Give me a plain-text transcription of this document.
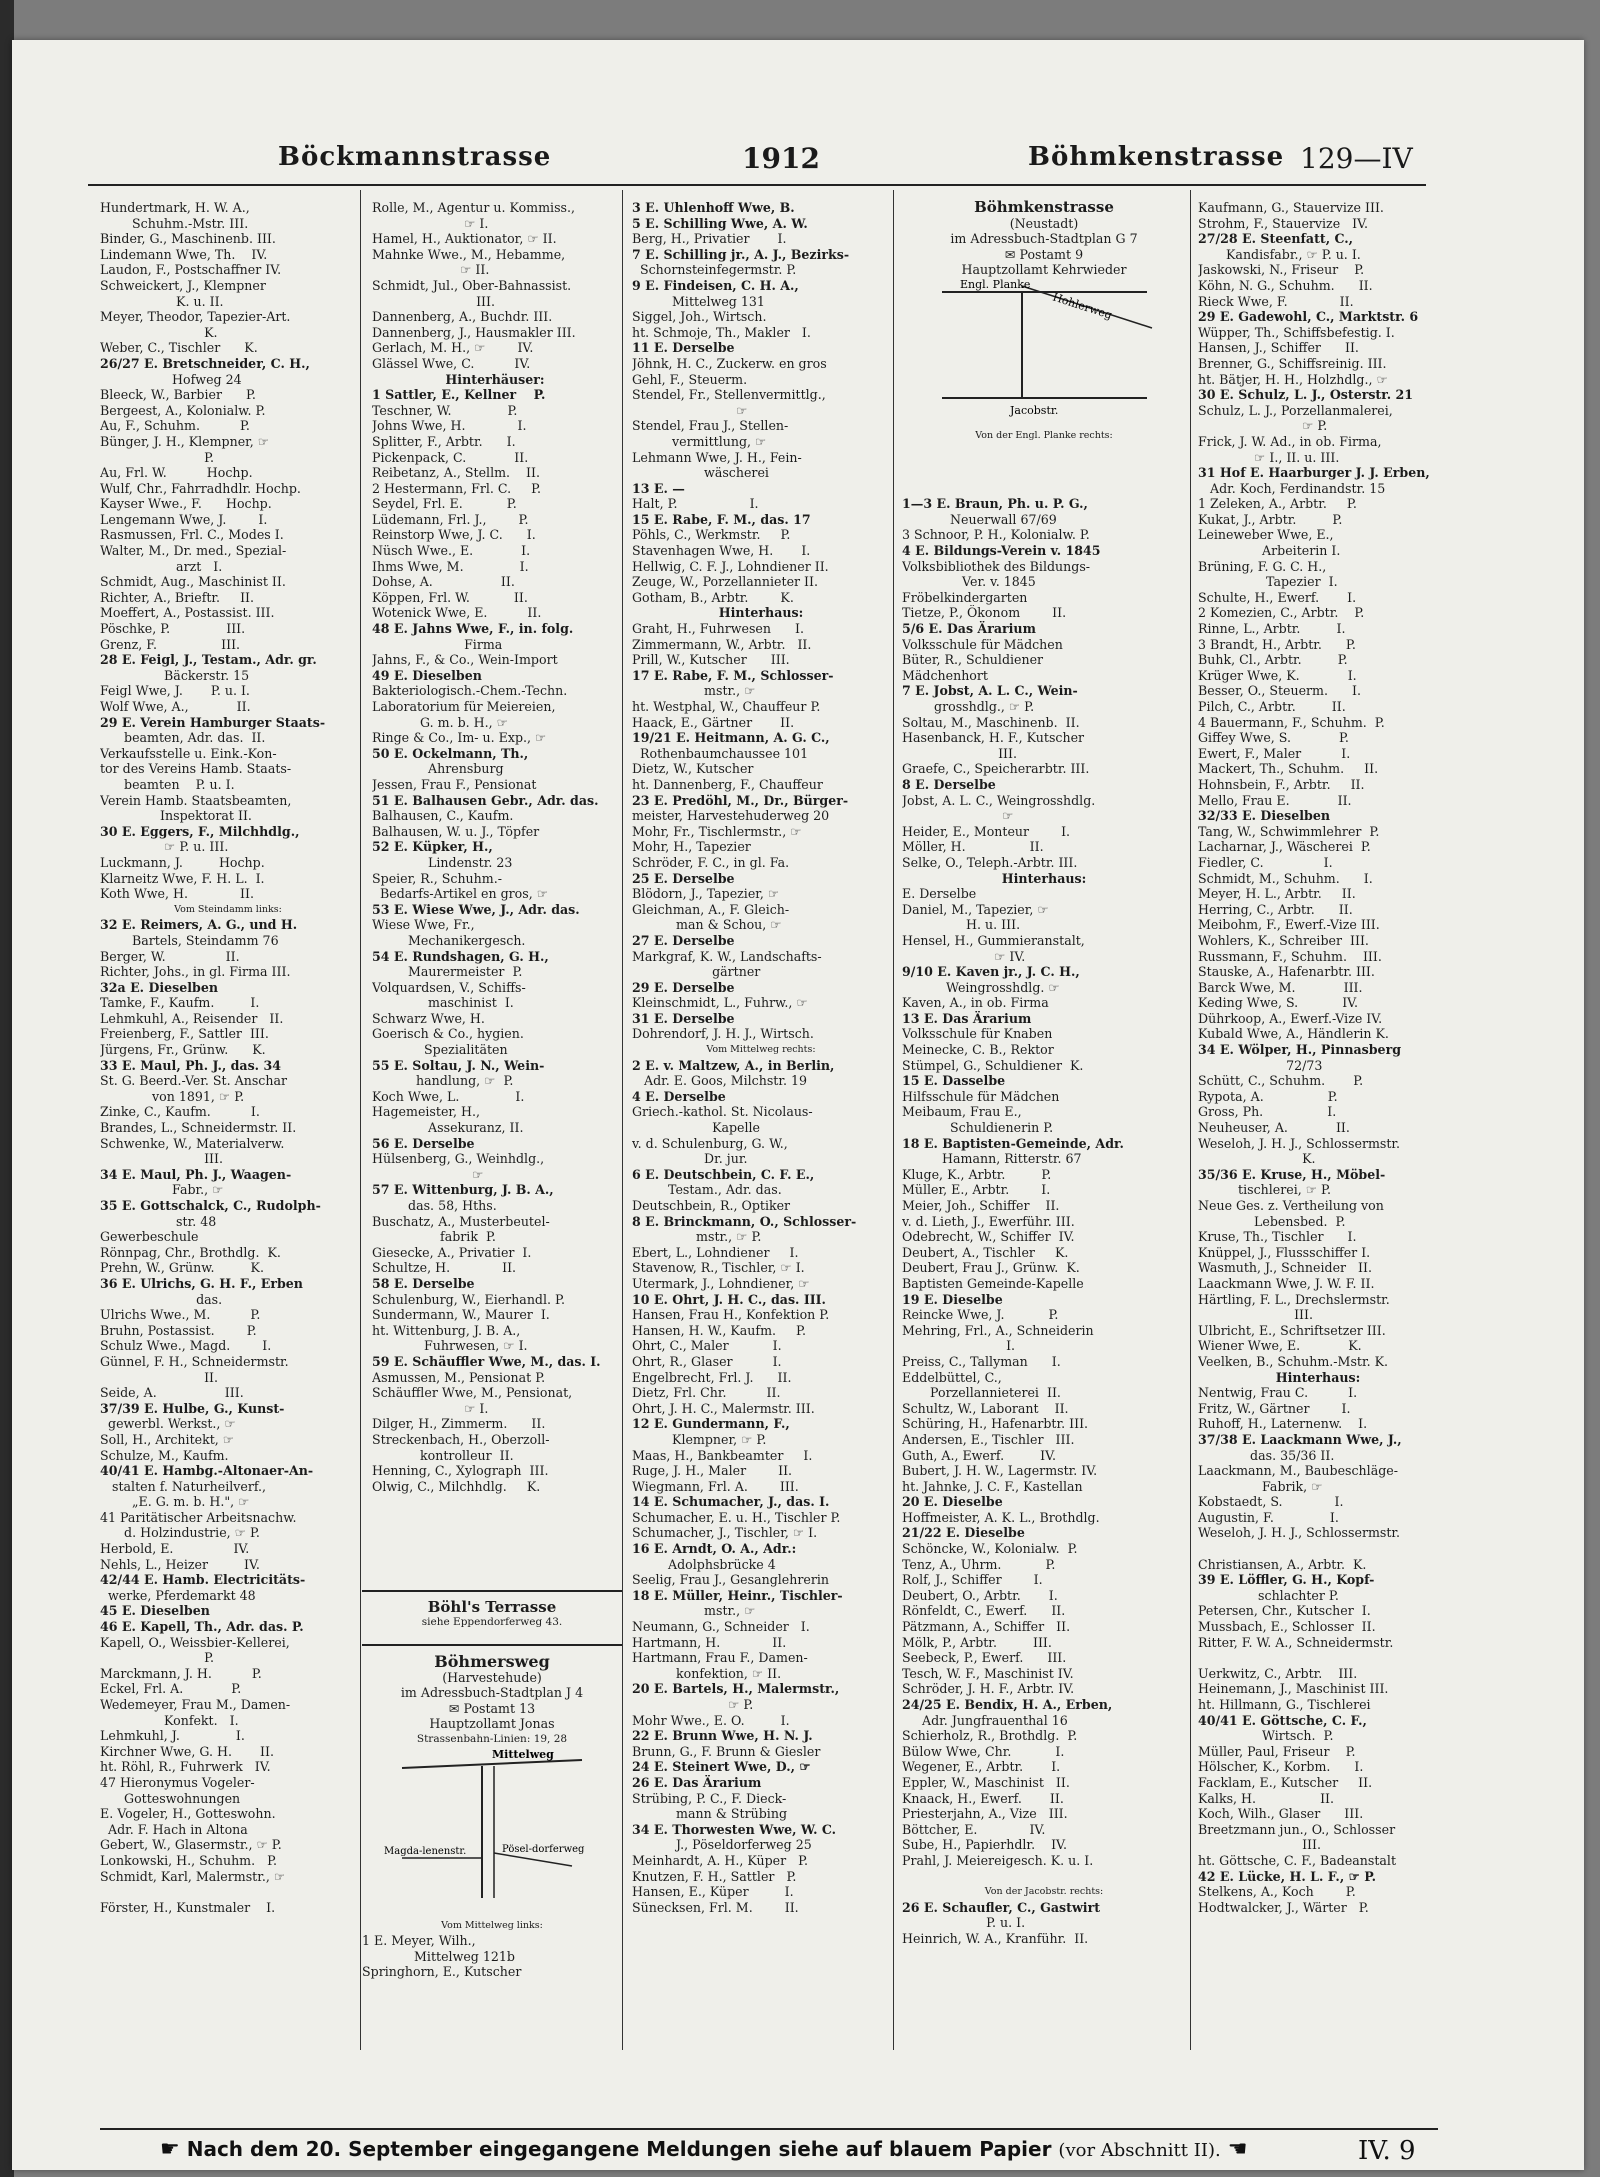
Böckmannstrasse	1912	Böhmkenstrasse 129—IV
Hundertmark, H. W. A.,
Schuhm.-Mstr. III.
Binder, G., Maschinenb. III.
Lindemann Wwe, Th.    IV.
Laudon, F., Postschaffner IV.
Schweickert, J., Klempner
K. u. II.
Meyer, Theodor, Tapezier-Art.
K.
Weber, C., Tischler      K.
26/27 E. Bretschneider, C. H.,
Hofweg 24
Bleeck, W., Barbier      P.
Bergeest, A., Kolonialw. P.
Au, F., Schuhm.          P.
Bünger, J. H., Klempner, ☞
P.
Au, Frl. W.          Hochp.
Wulf, Chr., Fahrradhdlr. Hochp.
Kayser Wwe., F.      Hochp.
Lengemann Wwe, J.        I.
Rasmussen, Frl. C., Modes I.
Walter, M., Dr. med., Spezial-
arzt   I.
Schmidt, Aug., Maschinist II.
Richter, A., Brieftr.     II.
Moeffert, A., Postassist. III.
Pöschke, P.              III.
Grenz, F.                III.
28 E. Feigl, J., Testam., Adr. gr.
Bäckerstr. 15
Feigl Wwe, J.       P. u. I.
Wolf Wwe, A.,            II.
29 E. Verein Hamburger Staats-
beamten, Adr. das.  II.
Verkaufsstelle u. Eink.-Kon-
tor des Vereins Hamb. Staats-
beamten    P. u. I.
Verein Hamb. Staatsbeamten,
Inspektorat II.
30 E. Eggers, F., Milchhdlg.,
☞ P. u. III.
Luckmann, J.         Hochp.
Klarneitz Wwe, F. H. L.  I.
Koth Wwe, H.             II.
Vom Steindamm links:
32 E. Reimers, A. G., und H.
Bartels, Steindamm 76
Berger, W.               II.
Richter, Johs., in gl. Firma III.
32a E. Dieselben
Tamke, F., Kaufm.         I.
Lehmkuhl, A., Reisender   II.
Freienberg, F., Sattler  III.
Jürgens, Fr., Grünw.      K.
33 E. Maul, Ph. J., das. 34
St. G. Beerd.-Ver. St. Anschar
von 1891, ☞ P.
Zinke, C., Kaufm.          I.
Brandes, L., Schneidermstr. II.
Schwenke, W., Materialverw.
III.
34 E. Maul, Ph. J., Waagen-
Fabr., ☞
35 E. Gottschalck, C., Rudolph-
str. 48
Gewerbeschule
Rönnpag, Chr., Brothdlg.  K.
Prehn, W., Grünw.         K.
36 E. Ulrichs, G. H. F., Erben
das.
Ulrichs Wwe., M.          P.
Bruhn, Postassist.        P.
Schulz Wwe., Magd.        I.
Günnel, F. H., Schneidermstr.
II.
Seide, A.                 III.
37/39 E. Hulbe, G., Kunst-
gewerbl. Werkst., ☞
Soll, H., Architekt, ☞
Schulze, M., Kaufm.
40/41 E. Hambg.-Altonaer-An-
stalten f. Naturheilverf.,
„E. G. m. b. H.", ☞
41 Paritätischer Arbeitsnachw.
d. Holzindustrie, ☞ P.
Herbold, E.               IV.
Nehls, L., Heizer         IV.
42/44 E. Hamb. Electricitäts-
werke, Pferdemarkt 48
45 E. Dieselben
46 E. Kapell, Th., Adr. das. P.
Kapell, O., Weissbier-Kellerei,
P.
Marckmann, J. H.          P.
Eckel, Frl. A.            P.
Wedemeyer, Frau M., Damen-
Konfekt.   I.
Lehmkuhl, J.              I.
Kirchner Wwe, G. H.       II.
ht. Röhl, R., Fuhrwerk   IV.
47 Hieronymus Vogeler-
Gotteswohnungen
E. Vogeler, H., Gotteswohn.
Adr. F. Hach in Altona
Gebert, W., Glasermstr., ☞ P.
Lonkowski, H., Schuhm.   P.
Schmidt, Karl, Malermstr., ☞

Förster, H., Kunstmaler    I.
Rolle, M., Agentur u. Kommiss.,
☞ I.
Hamel, H., Auktionator, ☞ II.
Mahnke Wwe., M., Hebamme,
☞ II.
Schmidt, Jul., Ober-Bahnassist.
III.
Dannenberg, A., Buchdr. III.
Dannenberg, J., Hausmakler III.
Gerlach, M. H., ☞        IV.
Glässel Wwe, C.          IV.
Hinterhäuser:
1 Sattler, E., Kellner    P.
Teschner, W.              P.
Johns Wwe, H.             I.
Splitter, F., Arbtr.      I.
Pickenpack, C.            II.
Reibetanz, A., Stellm.    II.
2 Hestermann, Frl. C.     P.
Seydel, Frl. E.           P.
Lüdemann, Frl. J.,        P.
Reinstorp Wwe, J. C.      I.
Nüsch Wwe., E.            I.
Ihms Wwe, M.              I.
Dohse, A.                 II.
Köppen, Frl. W.           II.
Wotenick Wwe, E.          II.
48 E. Jahns Wwe, F., in. folg.
Firma
Jahns, F., & Co., Wein-Import
49 E. Dieselben
Bakteriologisch.-Chem.-Techn.
Laboratorium für Meiereien,
G. m. b. H., ☞
Ringe & Co., Im- u. Exp., ☞
50 E. Ockelmann, Th.,
Ahrensburg
Jessen, Frau F., Pensionat
51 E. Balhausen Gebr., Adr. das.
Balhausen, C., Kaufm.
Balhausen, W. u. J., Töpfer
52 E. Küpker, H.,
Lindenstr. 23
Speier, R., Schuhm.-
Bedarfs-Artikel en gros, ☞
53 E. Wiese Wwe, J., Adr. das.
Wiese Wwe, Fr.,
Mechanikergesch.
54 E. Rundshagen, G. H.,
Maurermeister  P.
Volquardsen, V., Schiffs-
maschinist  I.
Schwarz Wwe, H.
Goerisch & Co., hygien.
Spezialitäten
55 E. Soltau, J. N., Wein-
handlung, ☞  P.
Koch Wwe, L.              I.
Hagemeister, H.,
Assekuranz, II.
56 E. Derselbe
Hülsenberg, G., Weinhdlg.,
☞
57 E. Wittenburg, J. B. A.,
das. 58, Hths.
Buschatz, A., Musterbeutel-
fabrik  P.
Giesecke, A., Privatier  I.
Schultze, H.             II.
58 E. Derselbe
Schulenburg, W., Eierhandl. P.
Sundermann, W., Maurer  I.
ht. Wittenburg, J. B. A.,
Fuhrwesen, ☞ I.
59 E. Schäuffler Wwe, M., das. I.
Asmussen, M., Pensionat P.
Schäuffler Wwe, M., Pensionat,
☞ I.
Dilger, H., Zimmerm.      II.
Streckenbach, H., Oberzoll-
kontrolleur  II.
Henning, C., Xylograph  III.
Olwig, C., Milchhdlg.     K.
3 E. Uhlenhoff Wwe, B.
5 E. Schilling Wwe, A. W.
Berg, H., Privatier       I.
7 E. Schilling jr., A. J., Bezirks-
Schornsteinfegermstr. P.
9 E. Findeisen, C. H. A.,
Mittelweg 131
Siggel, Joh., Wirtsch.
ht. Schmoje, Th., Makler   I.
11 E. Derselbe
Jöhnk, H. C., Zuckerw. en gros
Gehl, F., Steuerm.
Stendel, Fr., Stellenvermittlg.,
☞
Stendel, Frau J., Stellen-
vermittlung, ☞
Lehmann Wwe, J. H., Fein-
wäscherei
13 E. —
Halt, P.                  I.
15 E. Rabe, F. M., das. 17
Pöhls, C., Werkmstr.     P.
Stavenhagen Wwe, H.       I.
Hellwig, C. F. J., Lohndiener II.
Zeuge, W., Porzellannieter II.
Gotham, B., Arbtr.        K.
Hinterhaus:
Graht, H., Fuhrwesen      I.
Zimmermann, W., Arbtr.   II.
Prill, W., Kutscher      III.
17 E. Rabe, F. M., Schlosser-
mstr., ☞
ht. Westphal, W., Chauffeur P.
Haack, E., Gärtner       II.
19/21 E. Heitmann, A. G. C.,
Rothenbaumchaussee 101
Dietz, W., Kutscher
ht. Dannenberg, F., Chauffeur
23 E. Predöhl, M., Dr., Bürger-
meister, Harvestehuderweg 20
Mohr, Fr., Tischlermstr., ☞
Mohr, H., Tapezier
Schröder, F. C., in gl. Fa.
25 E. Derselbe
Blödorn, J., Tapezier, ☞
Gleichman, A., F. Gleich-
man & Schou, ☞
27 E. Derselbe
Markgraf, K. W., Landschafts-
gärtner
29 E. Derselbe
Kleinschmidt, L., Fuhrw., ☞
31 E. Derselbe
Dohrendorf, J. H. J., Wirtsch.
Vom Mittelweg rechts:
2 E. v. Maltzew, A., in Berlin,
Adr. E. Goos, Milchstr. 19
4 E. Derselbe
Griech.-kathol. St. Nicolaus-
Kapelle
v. d. Schulenburg, G. W.,
Dr. jur.
6 E. Deutschbein, C. F. E.,
Testam., Adr. das.
Deutschbein, R., Optiker
8 E. Brinckmann, O., Schlosser-
mstr., ☞ P.
Ebert, L., Lohndiener     I.
Stavenow, R., Tischler, ☞ I.
Utermark, J., Lohndiener, ☞
10 E. Ohrt, J. H. C., das. III.
Hansen, Frau H., Konfektion P.
Hansen, H. W., Kaufm.     P.
Ohrt, C., Maler           I.
Ohrt, R., Glaser          I.
Engelbrecht, Frl. J.      II.
Dietz, Frl. Chr.          II.
Ohrt, J. H. C., Malermstr. III.
12 E. Gundermann, F.,
Klempner, ☞ P.
Maas, H., Bankbeamter     I.
Ruge, J. H., Maler        II.
Wiegmann, Frl. A.        III.
14 E. Schumacher, J., das. I.
Schumacher, E. u. H., Tischler P.
Schumacher, J., Tischler, ☞ I.
16 E. Arndt, O. A., Adr.:
Adolphsbrücke 4
Seelig, Frau J., Gesanglehrerin
18 E. Müller, Heinr., Tischler-
mstr., ☞
Neumann, G., Schneider   I.
Hartmann, H.             II.
Hartmann, Frau F., Damen-
konfektion, ☞ II.
20 E. Bartels, H., Malermstr.,
☞ P.
Mohr Wwe., E. O.         I.
22 E. Brunn Wwe, H. N. J.
Brunn, G., F. Brunn & Giesler
24 E. Steinert Wwe, D., ☞
26 E. Das Ärarium
Strübing, P. C., F. Dieck-
mann & Strübing
34 E. Thorwesten Wwe, W. C.
J., Pöseldorferweg 25
Meinhardt, A. H., Küper   P.
Knutzen, F. H., Sattler   P.
Hansen, E., Küper         I.
Sünecksen, Frl. M.        II.

1—3 E. Braun, Ph. u. P. G.,
Neuerwall 67/69
3 Schnoor, P. H., Kolonialw. P.
4 E. Bildungs-Verein v. 1845
Volksbibliothek des Bildungs-
Ver. v. 1845
Fröbelkindergarten
Tietze, P., Ökonom        II.
5/6 E. Das Ärarium
Volksschule für Mädchen
Büter, R., Schuldiener
Mädchenhort
7 E. Jobst, A. L. C., Wein-
grosshdlg., ☞ P.
Soltau, M., Maschinenb.  II.
Hasenbanck, H. F., Kutscher
III.
Graefe, C., Speicherarbtr. III.
8 E. Derselbe
Jobst, A. L. C., Weingrosshdlg.
☞
Heider, E., Monteur        I.
Möller, H.                II.
Selke, O., Teleph.-Arbtr. III.
Hinterhaus:
E. Derselbe
Daniel, M., Tapezier, ☞
H. u. III.
Hensel, H., Gummieranstalt,
☞ IV.
9/10 E. Kaven jr., J. C. H.,
Weingrosshdlg. ☞
Kaven, A., in ob. Firma
13 E. Das Ärarium
Volksschule für Knaben
Meinecke, C. B., Rektor
Stümpel, G., Schuldiener  K.
15 E. Dasselbe
Hilfsschule für Mädchen
Meibaum, Frau E.,
Schuldienerin P.
18 E. Baptisten-Gemeinde, Adr.
Hamann, Ritterstr. 67
Kluge, K., Arbtr.         P.
Müller, E., Arbtr.        I.
Meier, Joh., Schiffer    II.
v. d. Lieth, J., Ewerführ. III.
Odebrecht, W., Schiffer  IV.
Deubert, A., Tischler     K.
Deubert, Frau J., Grünw.  K.
Baptisten Gemeinde-Kapelle
19 E. Dieselbe
Reincke Wwe, J.           P.
Mehring, Frl., A., Schneiderin
I.
Preiss, C., Tallyman      I.
Eddelbüttel, C.,
Porzellannieterei  II.
Schultz, W., Laborant    II.
Schüring, H., Hafenarbtr. III.
Andersen, E., Tischler   III.
Guth, A., Ewerf.         IV.
Bubert, J. H. W., Lagermstr. IV.
ht. Jahnke, J. C. F., Kastellan
20 E. Dieselbe
Hoffmeister, A. K. L., Brothdlg.
21/22 E. Dieselbe
Schöncke, W., Kolonialw.  P.
Tenz, A., Uhrm.           P.
Rolf, J., Schiffer        I.
Deubert, O., Arbtr.       I.
Rönfeldt, C., Ewerf.      II.
Pätzmann, A., Schiffer   II.
Mölk, P., Arbtr.         III.
Seebeck, P., Ewerf.      III.
Tesch, W. F., Maschinist IV.
Schröder, J. H. F., Arbtr. IV.
24/25 E. Bendix, H. A., Erben,
Adr. Jungfrauenthal 16
Schierholz, R., Brothdlg.  P.
Bülow Wwe, Chr.           I.
Wegener, E., Arbtr.       I.
Eppler, W., Maschinist   II.
Knaack, H., Ewerf.       II.
Priesterjahn, A., Vize   III.
Böttcher, E.             IV.
Sube, H., Papierhdlr.    IV.
Prahl, J. Meiereigesch. K. u. I.

Von der Jacobstr. rechts:
26 E. Schaufler, C., Gastwirt
P. u. I.
Heinrich, W. A., Kranführ.  II.
Kaufmann, G., Stauervize III.
Strohm, F., Stauervize   IV.
27/28 E. Steenfatt, C.,
Kandisfabr., ☞ P. u. I.
Jaskowski, N., Friseur    P.
Köhn, N. G., Schuhm.      II.
Rieck Wwe, F.             II.
29 E. Gadewohl, C., Marktstr. 6
Wüpper, Th., Schiffsbefestig. I.
Hansen, J., Schiffer      II.
Brenner, G., Schiffsreinig. III.
ht. Bätjer, H. H., Holzhdlg., ☞
30 E. Schulz, L. J., Osterstr. 21
Schulz, L. J., Porzellanmalerei,
☞ P.
Frick, J. W. Ad., in ob. Firma,
☞ I., II. u. III.
31 Hof E. Haarburger J. J. Erben,
Adr. Koch, Ferdinandstr. 15
1 Zeleken, A., Arbtr.     P.
Kukat, J., Arbtr.         P.
Leineweber Wwe, E.,
Arbeiterin I.
Brüning, F. G. C. H.,
Tapezier  I.
Schulte, H., Ewerf.       I.
2 Komezien, C., Arbtr.    P.
Rinne, L., Arbtr.         I.
3 Brandt, H., Arbtr.      P.
Buhk, Cl., Arbtr.         P.
Krüger Wwe, K.            I.
Besser, O., Steuerm.      I.
Pilch, C., Arbtr.         II.
4 Bauermann, F., Schuhm.  P.
Giffey Wwe, S.            P.
Ewert, F., Maler          I.
Mackert, Th., Schuhm.     II.
Hohnsbein, F., Arbtr.     II.
Mello, Frau E.            II.
32/33 E. Dieselben
Tang, W., Schwimmlehrer  P.
Lacharnar, J., Wäscherei  P.
Fiedler, C.               I.
Schmidt, M., Schuhm.      I.
Meyer, H. L., Arbtr.     II.
Herring, C., Arbtr.      II.
Meibohm, F., Ewerf.-Vize III.
Wohlers, K., Schreiber  III.
Russmann, F., Schuhm.    III.
Stauske, A., Hafenarbtr. III.
Barck Wwe, M.            III.
Keding Wwe, S.           IV.
Dührkoop, A., Ewerf.-Vize IV.
Kubald Wwe, A., Händlerin K.
34 E. Wölper, H., Pinnasberg
72/73
Schütt, C., Schuhm.       P.
Rypota, A.                P.
Gross, Ph.                I.
Neuheuser, A.            II.
Weseloh, J. H. J., Schlossermstr.
K.
35/36 E. Kruse, H., Möbel-
tischlerei, ☞ P.
Neue Ges. z. Vertheilung von
Lebensbed.  P.
Kruse, Th., Tischler      I.
Knüppel, J., Flussschiffer I.
Wasmuth, J., Schneider   II.
Laackmann Wwe, J. W. F. II.
Härtling, F. L., Drechslermstr.
III.
Ulbricht, E., Schriftsetzer III.
Wiener Wwe, E.            K.
Veelken, B., Schuhm.-Mstr. K.
Hinterhaus:
Nentwig, Frau C.          I.
Fritz, W., Gärtner        I.
Ruhoff, H., Laternenw.    I.
37/38 E. Laackmann Wwe, J.,
das. 35/36 II.
Laackmann, M., Baubeschläge-
Fabrik, ☞
Kobstaedt, S.             I.
Augustin, F.              I.
Weseloh, J. H. J., Schlossermstr.

Christiansen, A., Arbtr.  K.
39 E. Löffler, G. H., Kopf-
schlachter P.
Petersen, Chr., Kutscher  I.
Mussbach, E., Schlosser  II.
Ritter, F. W. A., Schneidermstr.

Uerkwitz, C., Arbtr.    III.
Heinemann, J., Maschinist III.
ht. Hillmann, G., Tischlerei
40/41 E. Göttsche, C. F.,
Wirtsch.  P.
Müller, Paul, Friseur    P.
Hölscher, K., Korbm.      I.
Facklam, E., Kutscher     II.
Kalks, H.                II.
Koch, Wilh., Glaser      III.
Breetzmann jun., O., Schlosser
III.
ht. Göttsche, C. F., Badeanstalt
42 E. Lücke, H. L. F., ☞ P.
Stelkens, A., Koch        P.
Hodtwalcker, J., Wärter   P.
Böhmkenstrasse
(Neustadt)
im Adressbuch-Stadtplan G 7
✉ Postamt 9
Hauptzollamt Kehrwieder
Engl. Planke
Hohlerweg
Jacobstr.
Von der Engl. Planke rechts:
Böhl's Terrasse
siehe Eppendorferweg 43.
Böhmersweg
(Harvestehude)
im Adressbuch-Stadtplan J 4
✉ Postamt 13
Hauptzollamt Jonas
Strassenbahn-Linien: 19, 28
Mittelweg
Magda-lenenstr.	Pösel-dorferweg
Vom Mittelweg links:
1 E. Meyer, Wilh.,
Mittelweg 121b
Springhorn, E., Kutscher
☛ Nach dem 20. September eingegangene Meldungen siehe auf blauem Papier (vor Abschnitt II). ☚	IV. 9
